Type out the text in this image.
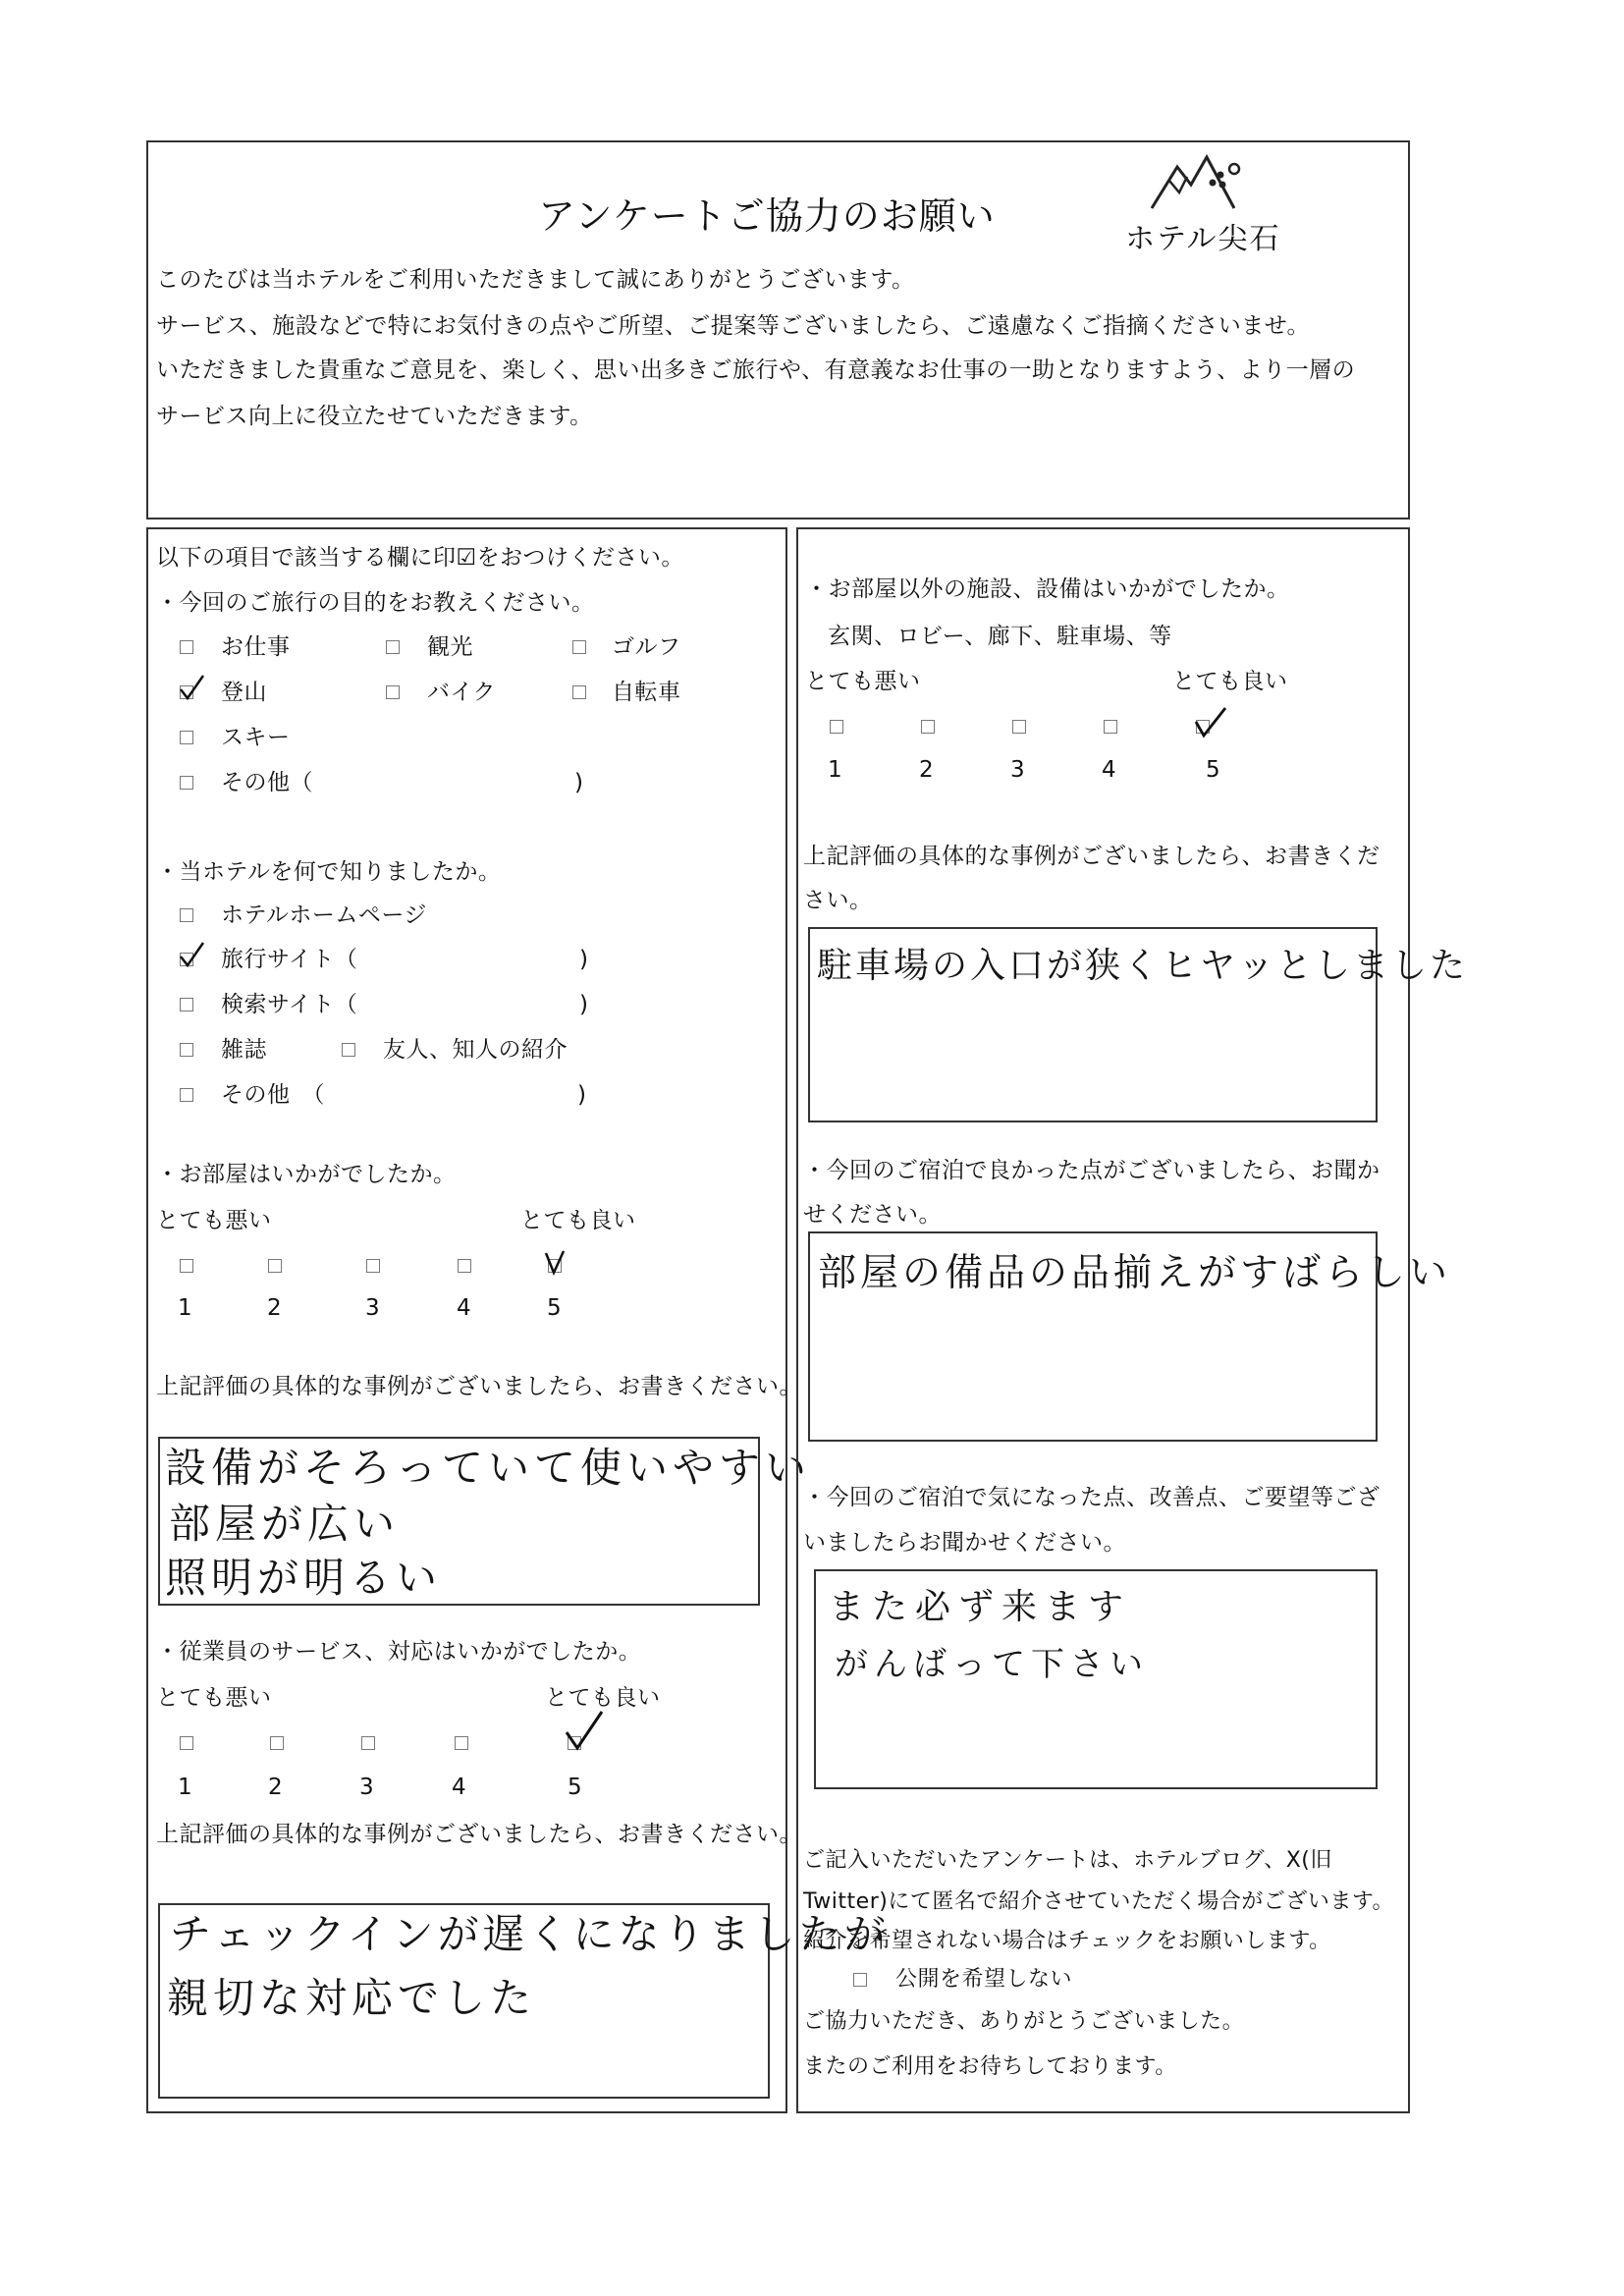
アンケートご協力のお願い
ホテル尖石
このたびは当ホテルをご利用いただきまして誠にありがとうございます。
サービス、施設などで特にお気付きの点やご所望、ご提案等ございましたら、ご遠慮なくご指摘くださいませ。
いただきました貴重なご意見を、楽しく、思い出多きご旅行や、有意義なお仕事の一助となりますよう、より一層の
サービス向上に役立たせていただきます。
以下の項目で該当する欄に印☑をおつけください。
・今回のご旅行の目的をお教えください。
お仕事	観光	ゴルフ
登山	バイク	自転車
スキー
その他（	)
・当ホテルを何で知りましたか。
ホテルホームページ
旅行サイト（	)
検索サイト（	)
雑誌	友人、知人の紹介
その他　（	)
・お部屋はいかがでしたか。
とても悪い	とても良い
1	2	3	4	5
上記評価の具体的な事例がございましたら、お書きください。
設備がそろっていて使いやすい
部屋が広い
照明が明るい
・従業員のサービス、対応はいかがでしたか。
とても悪い	とても良い
1	2	3	4	5
上記評価の具体的な事例がございましたら、お書きください。
チェックインが遅くになりましたが
親切な対応でした
・お部屋以外の施設、設備はいかがでしたか。
玄関、ロビー、廊下、駐車場、等
とても悪い	とても良い
1	2	3	4	5
上記評価の具体的な事例がございましたら、お書きくだ
さい。
駐車場の入口が狭くヒヤッとしました
・今回のご宿泊で良かった点がございましたら、お聞か
せください。
部屋の備品の品揃えがすばらしい
・今回のご宿泊で気になった点、改善点、ご要望等ござ
いましたらお聞かせください。
また必ず来ます
がんばって下さい
ご記入いただいたアンケートは、ホテルブログ、X(旧
Twitter)にて匿名で紹介させていただく場合がございます。
紹介を希望されない場合はチェックをお願いします。
公開を希望しない
ご協力いただき、ありがとうございました。
またのご利用をお待ちしております。
